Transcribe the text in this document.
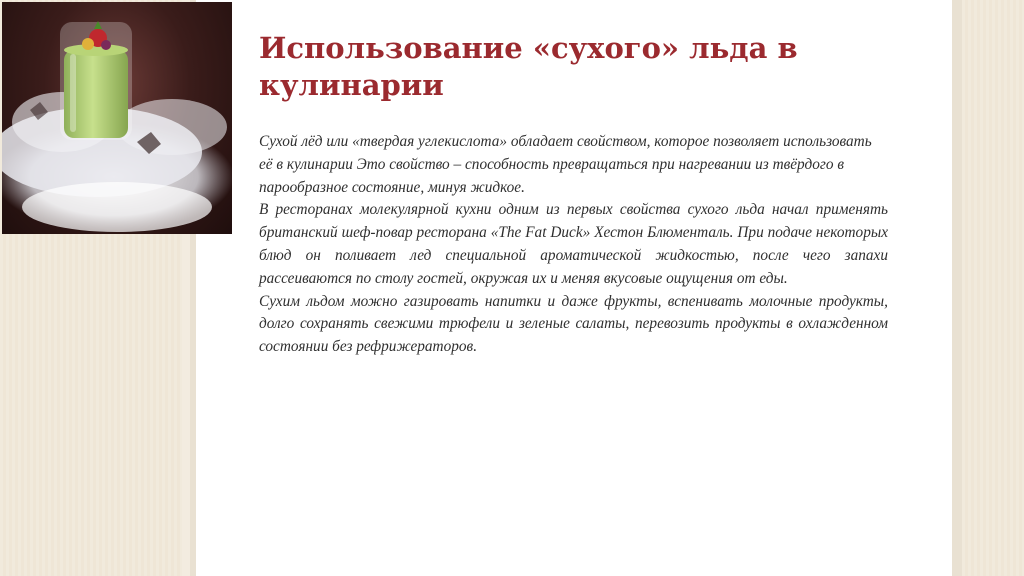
Использование «сухого» льда в кулинарии

Сухой лёд или «твердая углекислота» обладает свойством, которое позволяет использовать её в кулинарии Это свойство – способность превращаться при нагревании из твёрдого в парообразное состояние, минуя жидкое.

В ресторанах молекулярной кухни одним из первых свойства сухого льда начал применять британский шеф-повар ресторана «The Fat Duck» Хестон Блюменталь. При подаче некоторых блюд он поливает лед специальной ароматической жидкостью, после чего запахи рассеиваются по столу гостей, окружая их и меняя вкусовые ощущения от еды.

Сухим льдом можно газировать напитки и даже фрукты, вспенивать молочные продукты, долго сохранять свежими трюфели и зеленые салаты, перевозить продукты в охлажденном состоянии без рефрижераторов.
